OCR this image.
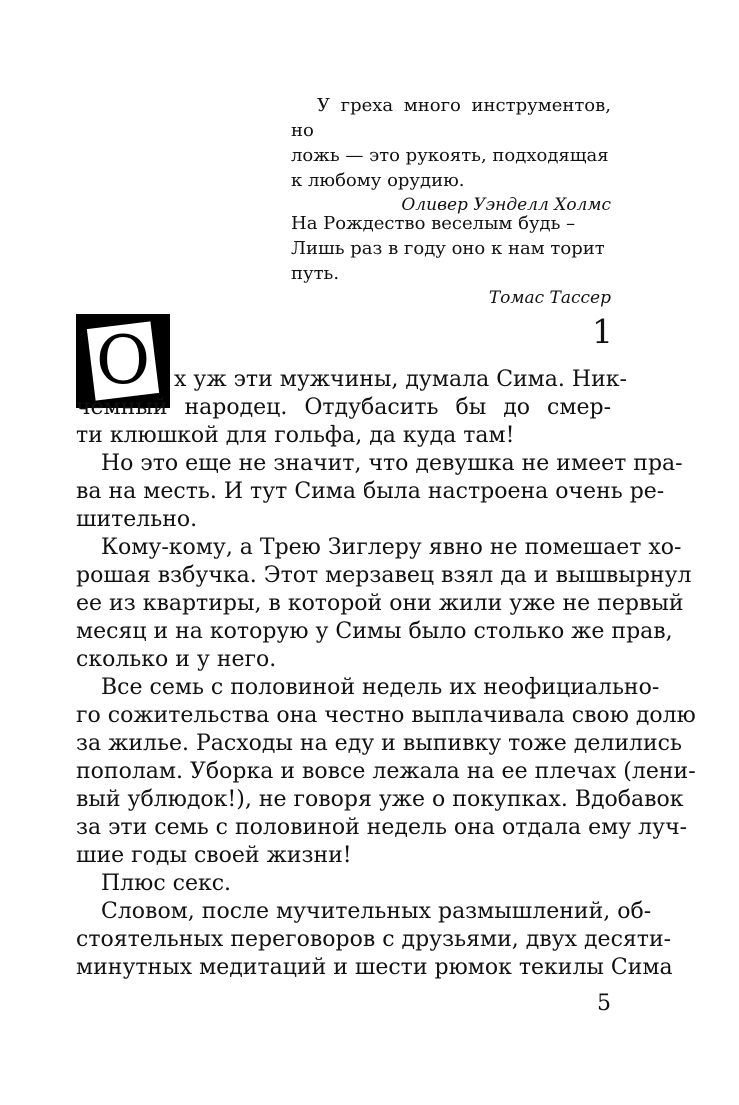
У греха много инструментов, но
ложь — это рукоять, подходящая
к любому орудию.
Оливер Уэнделл Холмс
На Рождество веселым будь –
Лишь раз в году оно к нам торит путь.
Томас Тассер
1
О	х уж эти мужчины, думала Сима. Ник-
чемный народец. Отдубасить бы до смер-
ти клюшкой для гольфа, да куда там!
Но это еще не значит, что девушка не имеет пра-
ва на месть. И тут Сима была настроена очень ре-
шительно.
Кому-кому, а Трею Зиглеру явно не помешает хо-
рошая взбучка. Этот мерзавец взял да и вышвырнул
ее из квартиры, в которой они жили уже не первый
месяц и на которую у Симы было столько же прав,
сколько и у него.
Все семь с половиной недель их неофициально-
го сожительства она честно выплачивала свою долю
за жилье. Расходы на еду и выпивку тоже делились
пополам. Уборка и вовсе лежала на ее плечах (лени-
вый ублюдок!), не говоря уже о покупках. Вдобавок
за эти семь с половиной недель она отдала ему луч-
шие годы своей жизни!
Плюс секс.
Словом, после мучительных размышлений, об-
стоятельных переговоров с друзьями, двух десяти-
минутных медитаций и шести рюмок текилы Сима
5
